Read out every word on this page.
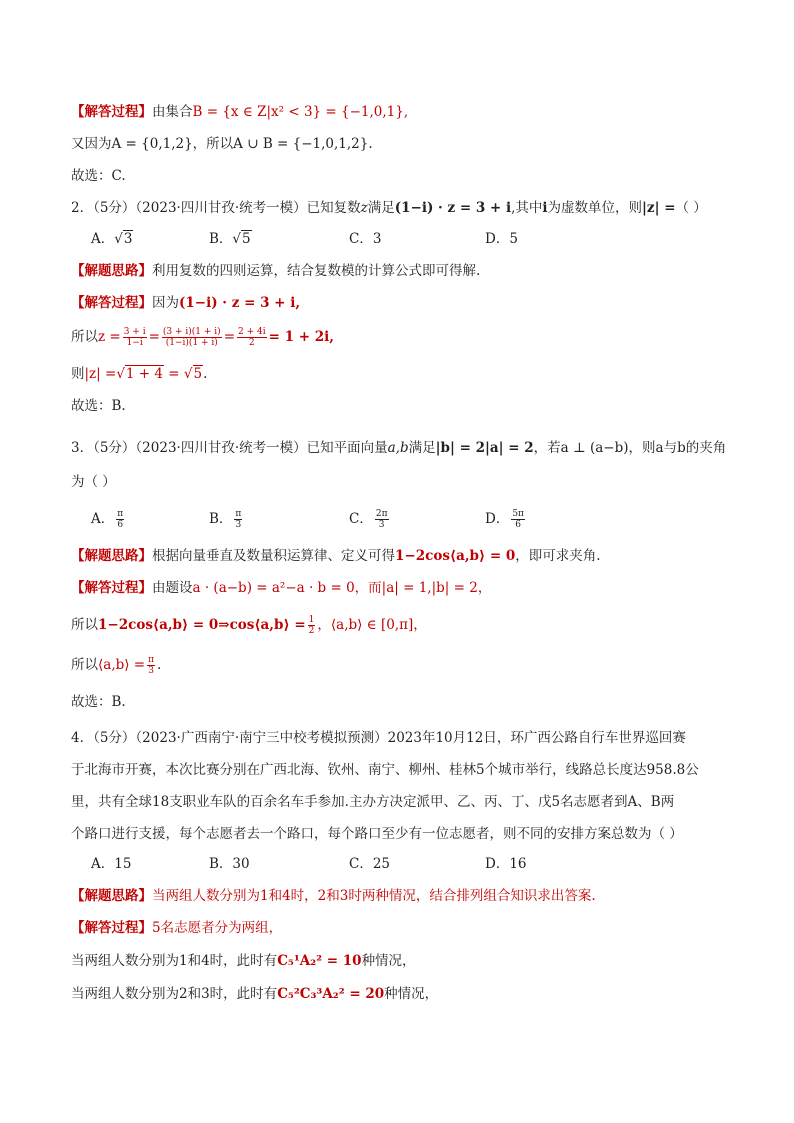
【解答过程】由集合B = {x ∈ Z|x² < 3} = {−1,0,1},
又因为A = {0,1,2}，所以A ∪ B = {−1,0,1,2}.
故选：C.
2．（5分）（2023·四川甘孜·统考一模）已知复数z满足(1−i) · z = 3 + i,其中i为虚数单位，则|z| =（ ）
A．√3	B．√5	C．3	D．5
【解题思路】利用复数的四则运算，结合复数模的计算公式即可得解.
【解答过程】因为(1−i) · z = 3 + i,
所以$z = \frac{3 + i}{1-i} = \frac{(3 + i)(1 + i)}{(1-i)(1 + i)} = \frac{2 + 4i}{2} = 1 + 2i$,
则|z| =√1 + 4 = √5.
故选：B.
3．（5分）（2023·四川甘孜·统考一模）已知平面向量a,b满足|b| = 2|a| = 2，若a ⊥ (a−b)，则a与b的夹角
为（ ）
A． $\frac{\pi}{6}$	B． $\frac{\pi}{3}$	C． $\frac{2\pi}{3}$	D． $\frac{5\pi}{6}$
【解题思路】根据向量垂直及数量积运算律、定义可得1−2cos⟨a,b⟩ = 0，即可求夹角.
【解答过程】由题设a · (a−b) = a²−a · b = 0，而|a| = 1,|b| = 2，
所以1−2cos⟨a,b⟩ = 0⇒cos⟨a,b⟩ = $\frac{1}{2}$ ，⟨a,b⟩ ∈ [0,π]，
所以⟨a,b⟩ = $\frac{\pi}{3}$ .
故选：B.
4．（5分）（2023·广西南宁·南宁三中校考模拟预测）2023年10月12日，环广西公路自行车世界巡回赛
于北海市开赛，本次比赛分别在广西北海、钦州、南宁、柳州、桂林5个城市举行，线路总长度达958.8公
里，共有全球18支职业车队的百余名车手参加.主办方决定派甲、乙、丙、丁、戊5名志愿者到A、B两
个路口进行支援，每个志愿者去一个路口，每个路口至少有一位志愿者，则不同的安排方案总数为（ ）
A．15	B．30	C．25	D．16
【解题思路】当两组人数分别为1和4时，2和3时两种情况，结合排列组合知识求出答案.
【解答过程】5名志愿者分为两组，
当两组人数分别为1和4时，此时有C₅¹A₂² = 10种情况，
当两组人数分别为2和3时，此时有C₅²C₃³A₂² = 20种情况，
